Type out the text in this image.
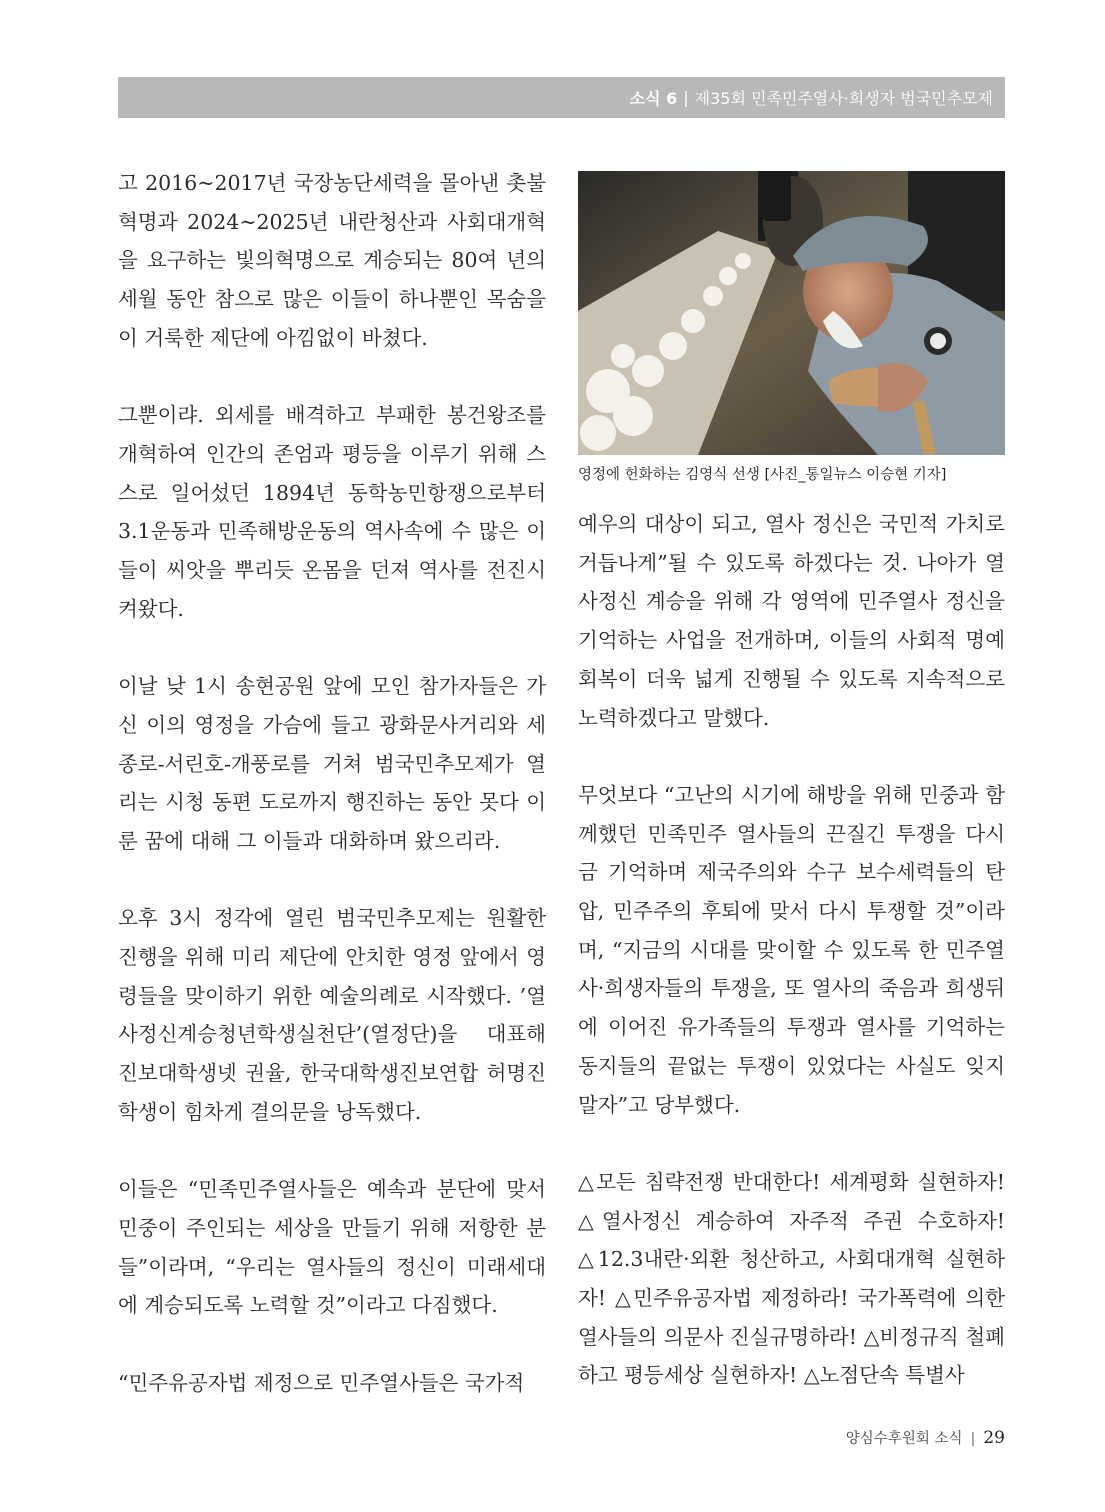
소식 6 | 제35회 민족민주열사·희생자 범국민추모제

고 2016~2017년 국장농단세력을 몰아낸 촛불혁명과 2024~2025년 내란청산과 사회대개혁을 요구하는 빛의혁명으로 계승되는 80여 년의 세월 동안 참으로 많은 이들이 하나뿐인 목숨을 이 거룩한 제단에 아낌없이 바쳤다.

그뿐이랴. 외세를 배격하고 부패한 봉건왕조를 개혁하여 인간의 존엄과 평등을 이루기 위해 스스로 일어섰던 1894년 동학농민항쟁으로부터 3.1운동과 민족해방운동의 역사속에 수 많은 이들이 씨앗을 뿌리듯 온몸을 던져 역사를 전진시켜왔다.

이날 낮 1시 송현공원 앞에 모인 참가자들은 가신 이의 영정을 가슴에 들고 광화문사거리와 세종로-서린호-개풍로를 거쳐 범국민추모제가 열리는 시청 동편 도로까지 행진하는 동안 못다 이룬 꿈에 대해 그 이들과 대화하며 왔으리라.

오후 3시 정각에 열린 범국민추모제는 원활한 진행을 위해 미리 제단에 안치한 영정 앞에서 영령들을 맞이하기 위한 예술의례로 시작했다. ’열사정신계승청년학생실천단’(열정단)을 대표해 진보대학생넷 권율, 한국대학생진보연합 허명진 학생이 힘차게 결의문을 낭독했다.

이들은 “민족민주열사들은 예속과 분단에 맞서 민중이 주인되는 세상을 만들기 위해 저항한 분들”이라며, “우리는 열사들의 정신이 미래세대에 계승되도록 노력할 것”이라고 다짐했다.

“민주유공자법 제정으로 민주열사들은 국가적

영정에 헌화하는 김영식 선생 [사진_통일뉴스 이승현 기자]

예우의 대상이 되고, 열사 정신은 국민적 가치로 거듭나게”될 수 있도록 하겠다는 것. 나아가 열사정신 계승을 위해 각 영역에 민주열사 정신을 기억하는 사업을 전개하며, 이들의 사회적 명예회복이 더욱 넓게 진행될 수 있도록 지속적으로 노력하겠다고 말했다.

무엇보다 “고난의 시기에 해방을 위해 민중과 함께했던 민족민주 열사들의 끈질긴 투쟁을 다시금 기억하며 제국주의와 수구 보수세력들의 탄압, 민주주의 후퇴에 맞서 다시 투쟁할 것”이라며, “지금의 시대를 맞이할 수 있도록 한 민주열사·희생자들의 투쟁을, 또 열사의 죽음과 희생뒤에 이어진 유가족들의 투쟁과 열사를 기억하는 동지들의 끝없는 투쟁이 있었다는 사실도 잊지 말자”고 당부했다.

△모든 침략전쟁 반대한다! 세계평화 실현하자! △열사정신 계승하여 자주적 주권 수호하자! △12.3내란·외환 청산하고, 사회대개혁 실현하자! △민주유공자법 제정하라! 국가폭력에 의한 열사들의 의문사 진실규명하라! △비정규직 철폐하고 평등세상 실현하자! △노점단속 특별사

양심수후원회 소식 | 29
